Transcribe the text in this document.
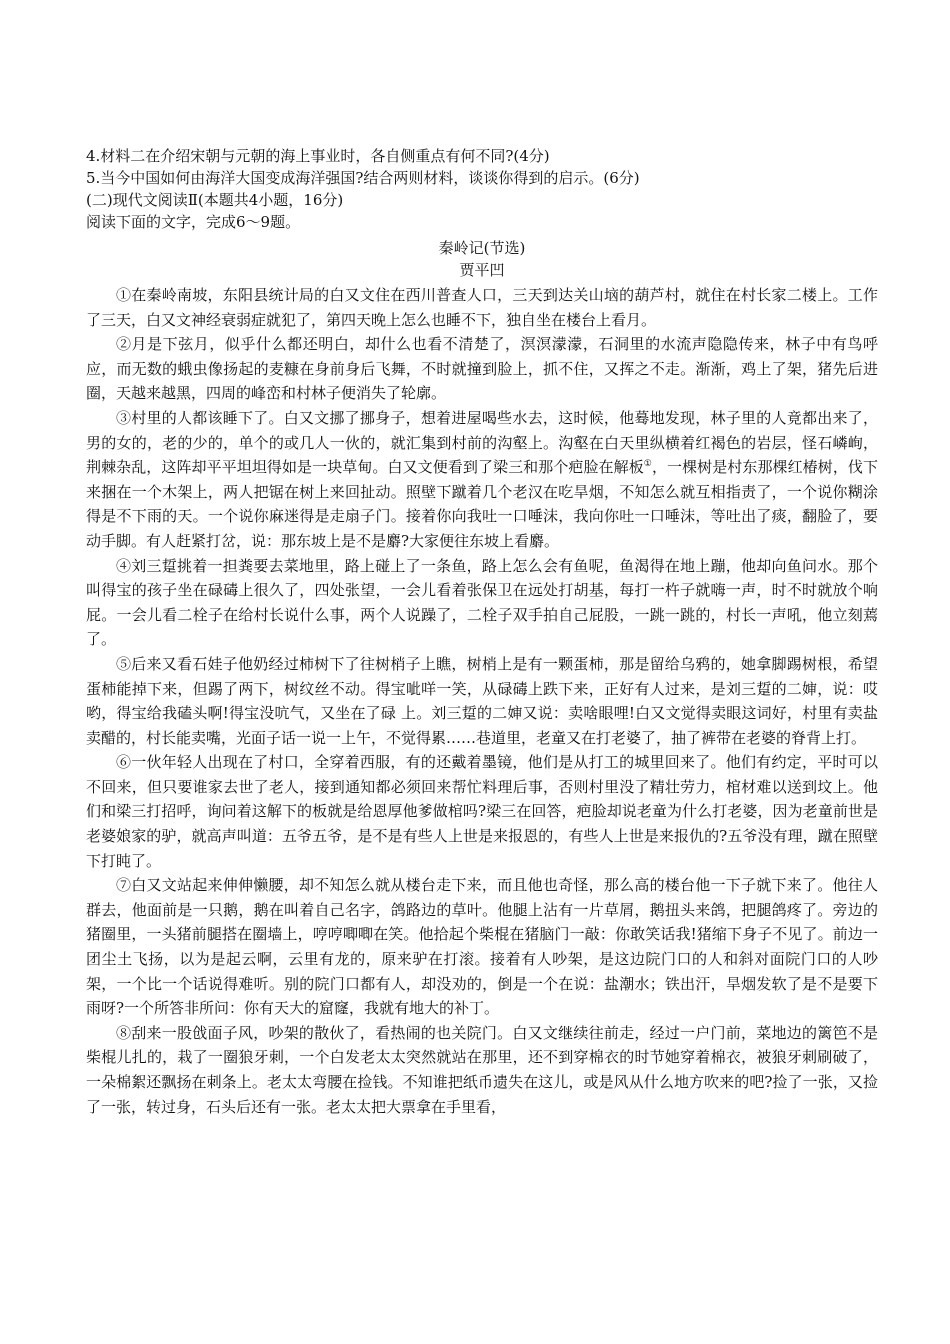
4.材料二在介绍宋朝与元朝的海上事业时，各自侧重点有何不同?(4分)

5.当今中国如何由海洋大国变成海洋强国?结合两则材料，谈谈你得到的启示。(6分)

(二)现代文阅读Ⅱ(本题共4小题，16分)

阅读下面的文字，完成6～9题。

秦岭记(节选)

贾平凹

①在秦岭南坡，东阳县统计局的白又文住在西川普查人口，三天到达关山垴的葫芦村，就住在村长家二楼上。工作了三天，白又文神经衰弱症就犯了，第四天晚上怎么也睡不下，独自坐在楼台上看月。

②月是下弦月，似乎什么都还明白，却什么也看不清楚了，溟溟濛濛，石洞里的水流声隐隐传来，林子中有鸟呼应，而无数的蛾虫像扬起的麦糠在身前身后飞舞，不时就撞到脸上，抓不住，又挥之不走。渐渐，鸡上了架，猪先后进圈，天越来越黑，四周的峰峦和村林子便消失了轮廓。

③村里的人都该睡下了。白又文挪了挪身子，想着进屋喝些水去，这时候，他蓦地发现，林子里的人竟都出来了，男的女的，老的少的，单个的或几人一伙的，就汇集到村前的沟壑上。沟壑在白天里纵横着红褐色的岩层，怪石嶙峋，荆棘杂乱，这阵却平平坦坦得如是一块草甸。白又文便看到了梁三和那个疤脸在解板①，一棵树是村东那棵红椿树，伐下来捆在一个木架上，两人把锯在树上来回扯动。照壁下蹴着几个老汉在吃旱烟，不知怎么就互相指责了，一个说你糊涂得是不下雨的天。一个说你麻迷得是走扇子门。接着你向我吐一口唾沫，我向你吐一口唾沫，等吐出了痰，翻脸了，要动手脚。有人赶紧打岔，说：那东坡上是不是麝?大家便往东坡上看麝。

④刘三踅挑着一担粪要去菜地里，路上碰上了一条鱼，路上怎么会有鱼呢，鱼渴得在地上蹦，他却向鱼问水。那个叫得宝的孩子坐在碌碡上很久了，四处张望，一会儿看着张保卫在远处打胡基，每打一杵子就嗨一声，时不时就放个响屁。一会儿看二栓子在给村长说什么事，两个人说躁了，二栓子双手拍自己屁股，一跳一跳的，村长一声吼，他立刻蔫了。

⑤后来又看石娃子他奶经过柿树下了往树梢子上瞧，树梢上是有一颗蛋柿，那是留给乌鸦的，她拿脚踢树根，希望蛋柿能掉下来，但踢了两下，树纹丝不动。得宝呲咩一笑，从碌碡上跌下来，正好有人过来，是刘三踅的二婶，说：哎哟，得宝给我磕头啊!得宝没吭气，又坐在了碌 上。刘三踅的二婶又说：卖啥眼哩!白又文觉得卖眼这词好，村里有卖盐卖醋的，村长能卖嘴，光面子话一说一上午，不觉得累……巷道里，老童又在打老婆了，抽了裤带在老婆的脊背上打。

⑥一伙年轻人出现在了村口，全穿着西服，有的还戴着墨镜，他们是从打工的城里回来了。他们有约定，平时可以不回来，但只要谁家去世了老人，接到通知都必须回来帮忙料理后事，否则村里没了精壮劳力，棺材难以送到坟上。他们和梁三打招呼，询问着这解下的板就是给恩厚他爹做棺吗?梁三在回答，疤脸却说老童为什么打老婆，因为老童前世是老婆娘家的驴，就高声叫道：五爷五爷，是不是有些人上世是来报恩的，有些人上世是来报仇的?五爷没有理，蹴在照壁下打盹了。

⑦白又文站起来伸伸懒腰，却不知怎么就从楼台走下来，而且他也奇怪，那么高的楼台他一下子就下来了。他往人群去，他面前是一只鹅，鹅在叫着自己名字，鸽路边的草叶。他腿上沾有一片草屑，鹅扭头来鸽，把腿鸽疼了。旁边的猪圈里，一头猪前腿搭在圈墙上，哼哼唧唧在笑。他拾起个柴棍在猪脑门一敲：你敢笑话我!猪缩下身子不见了。前边一团尘土飞扬，以为是起云啊，云里有龙的，原来驴在打滚。接着有人吵架，是这边院门口的人和斜对面院门口的人吵架，一个比一个话说得难听。别的院门口都有人，却没劝的，倒是一个在说：盐潮水；铁出汗，旱烟发软了是不是要下雨呀?一个所答非所问：你有天大的窟窿，我就有地大的补丁。

⑧刮来一股戗面子风，吵架的散伙了，看热闹的也关院门。白又文继续往前走，经过一户门前，菜地边的篱笆不是柴棍儿扎的，栽了一圈狼牙刺，一个白发老太太突然就站在那里，还不到穿棉衣的时节她穿着棉衣，被狼牙刺刷破了，一朵棉絮还飘扬在刺条上。老太太弯腰在捡钱。不知谁把纸币遗失在这儿，或是风从什么地方吹来的吧?捡了一张，又捡了一张，转过身，石头后还有一张。老太太把大票拿在手里看，
